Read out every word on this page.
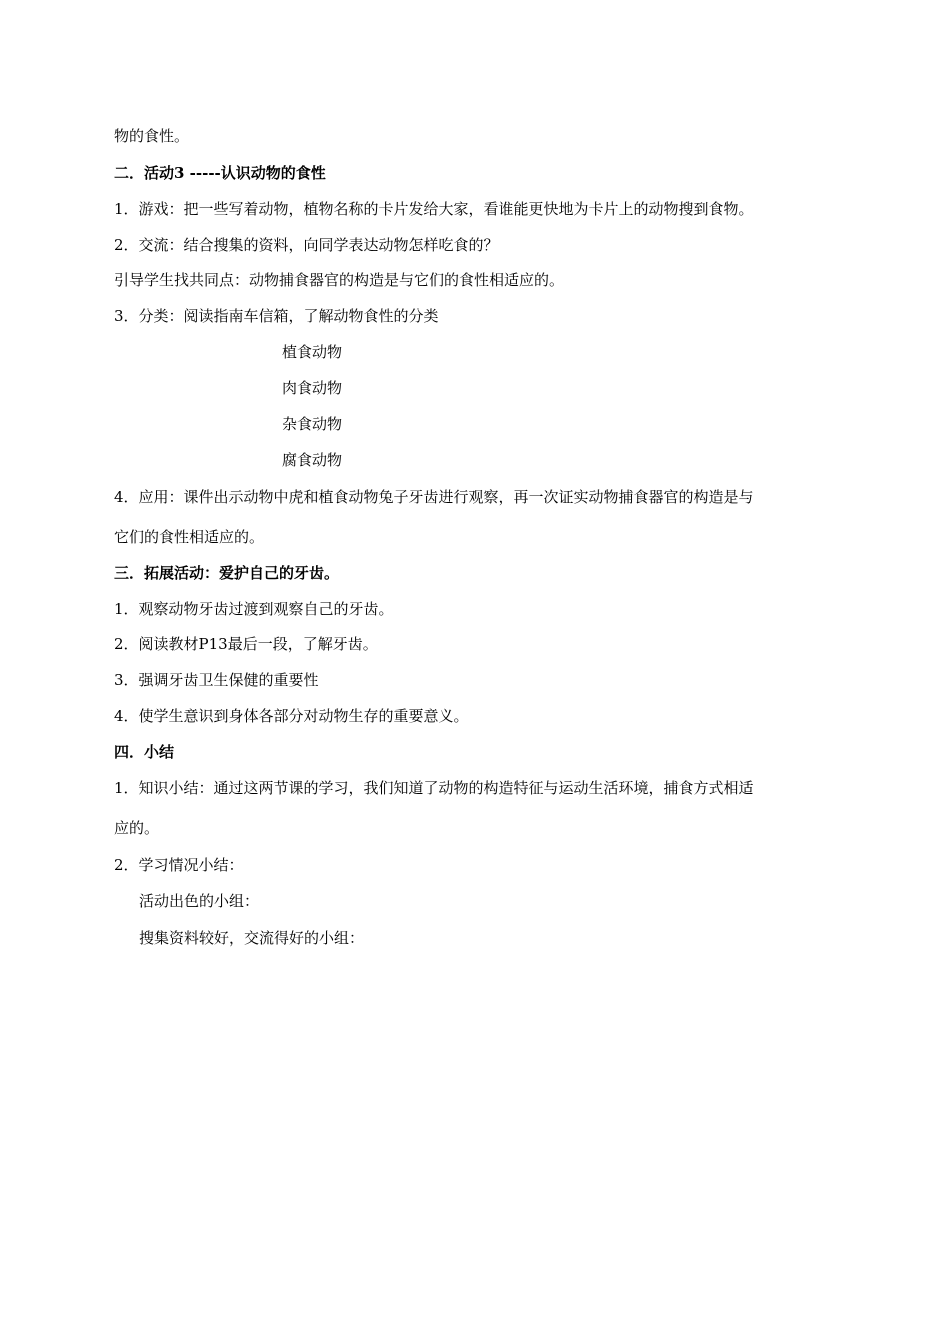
物的食性。
二．活动3 -----认识动物的食性
1．游戏：把一些写着动物，植物名称的卡片发给大家，看谁能更快地为卡片上的动物搜到食物。
2．交流：结合搜集的资料，向同学表达动物怎样吃食的？
引导学生找共同点：动物捕食器官的构造是与它们的食性相适应的。
3．分类：阅读指南车信箱，了解动物食性的分类
植食动物
肉食动物
杂食动物
腐食动物
4．应用：课件出示动物中虎和植食动物兔子牙齿进行观察，再一次证实动物捕食器官的构造是与
它们的食性相适应的。
三．拓展活动：爱护自己的牙齿。
1．观察动物牙齿过渡到观察自己的牙齿。
2．阅读教材P13最后一段，了解牙齿。
3．强调牙齿卫生保健的重要性
4．使学生意识到身体各部分对动物生存的重要意义。
四．小结
1．知识小结：通过这两节课的学习，我们知道了动物的构造特征与运动生活环境，捕食方式相适
应的。
2．学习情况小结：
活动出色的小组：
搜集资料较好，交流得好的小组：
